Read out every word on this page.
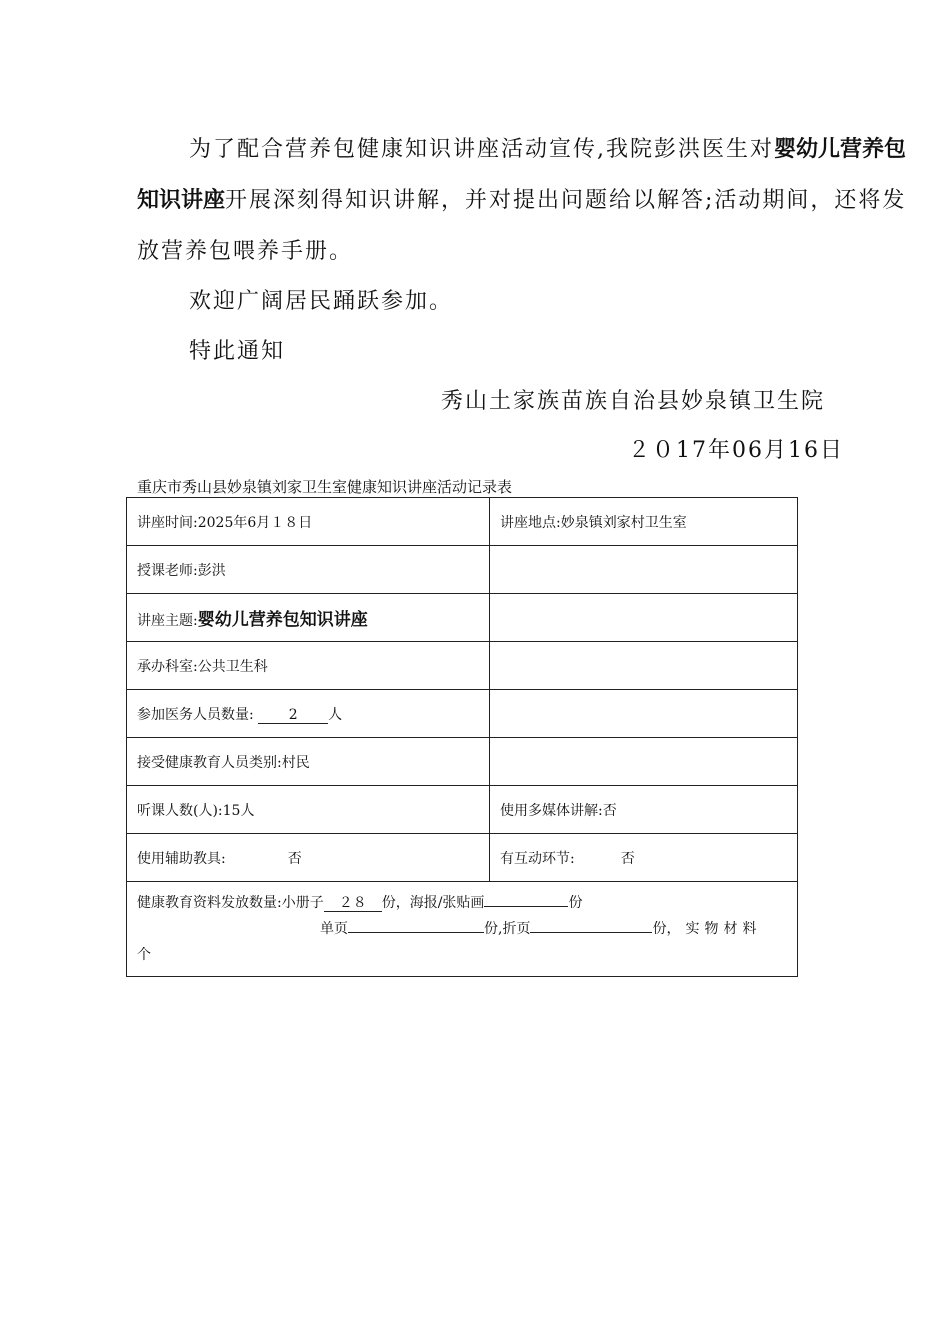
为了配合营养包健康知识讲座活动宣传,我院彭洪医生对婴幼儿营养包知识讲座开展深刻得知识讲解，并对提出问题给以解答;活动期间，还将发放营养包喂养手册。
欢迎广阔居民踊跃参加。
特此通知
秀山土家族苗族自治县妙泉镇卫生院
２０17年06月16日
重庆市秀山县妙泉镇刘家卫生室健康知识讲座活动记录表
讲座时间:2025年6月１８日	讲座地点:妙泉镇刘家村卫生室
授课老师:彭洪	
讲座主题:婴幼儿营养包知识讲座	
承办科室:公共卫生科	
参加医务人员数量: 2 人	
接受健康教育人员类别:村民	
听课人数(人):15人	使用多媒体讲解:否
使用辅助教具: 否	有互动环节: 否

健康教育资料发放数量:小册子 ２８ 份，海报/张贴画 份
单页 份,折页 份，实物材料
个	
